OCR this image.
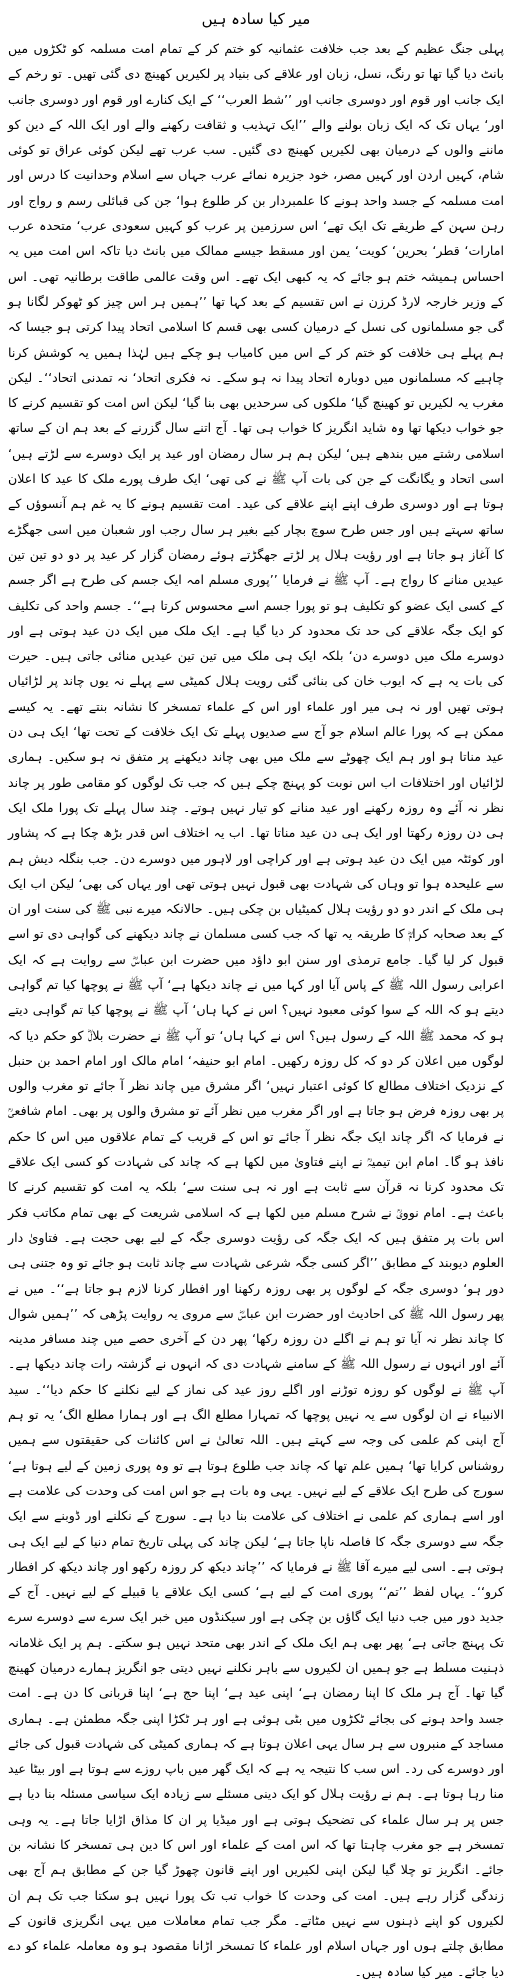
میر کیا سادہ ہیں

پہلی جنگ عظیم کے بعد جب خلافت عثمانیہ کو ختم کر کے تمام امت مسلمہ کو ٹکڑوں میں بانٹ دیا گیا تھا تو رنگ، نسل، زبان اور علاقے کی بنیاد پر لکیریں کھینچ دی گئی تھیں۔ تو رخم کے ایک جانب اور قوم اور دوسری جانب اور ’’شط العرب‘‘ کے ایک کنارے اور قوم اور دوسری جانب اور‘ یہاں تک کہ ایک زبان بولنے والے ’’ایک تہذیب و ثقافت رکھنے والے اور ایک اللہ کے دین کو ماننے والوں کے درمیان بھی لکیریں کھینچ دی گئیں۔ سب عرب تھے لیکن کوئی عراق تو کوئی شام، کہیں اردن اور کہیں مصر، خود جزیرہ نمائے عرب جہاں سے اسلام وحدانیت کا درس اور امت مسلمہ کے جسد واحد ہونے کا علمبردار بن کر طلوع ہوا‘ جن کی قبائلی رسم و رواج اور رہن سہن کے طریقے تک ایک تھے‘ اس سرزمین پر عرب کو کہیں سعودی عرب‘ متحدہ عرب امارات‘ قطر‘ بحرین‘ کویت‘ یمن اور مسقط جیسے ممالک میں بانٹ دیا تاکہ اس امت میں یہ احساس ہمیشہ ختم ہو جائے کہ یہ کبھی ایک تھے۔ اس وقت عالمی طاقت برطانیہ تھی۔ اس کے وزیر خارجہ لارڈ کرزن نے اس تقسیم کے بعد کہا تھا ’’ہمیں ہر اس چیز کو ٹھوکر لگانا ہو گی جو مسلمانوں کی نسل کے درمیان کسی بھی قسم کا اسلامی اتحاد پیدا کرتی ہو جیسا کہ ہم پہلے ہی خلافت کو ختم کر کے اس میں کامیاب ہو چکے ہیں لہٰذا ہمیں یہ کوشش کرنا چاہیے کہ مسلمانوں میں دوبارہ اتحاد پیدا نہ ہو سکے۔ نہ فکری اتحاد‘ نہ تمدنی اتحاد‘‘۔ لیکن مغرب یہ لکیریں تو کھینچ گیا‘ ملکوں کی سرحدیں بھی بنا گیا‘ لیکن اس امت کو تقسیم کرنے کا جو خواب دیکھا تھا وہ شاید انگریز کا خواب ہی تھا۔ آج اتنے سال گزرنے کے بعد ہم ان کے ساتھ اسلامی رشتے میں بندھے ہیں‘ لیکن ہم ہر سال رمضان اور عید پر ایک دوسرے سے لڑتے ہیں‘ اسی اتحاد و یگانگت کے جن کی بات آپ ﷺ نے کی تھی‘ ایک طرف پورے ملک کا عید کا اعلان ہوتا ہے اور دوسری طرف اپنے اپنے علاقے کی عید۔ امت تقسیم ہونے کا یہ غم ہم آنسوؤں کے ساتھ سہتے ہیں اور جس طرح سوچ بچار کیے بغیر ہر سال رجب اور شعبان میں اسی جھگڑے کا آغاز ہو جاتا ہے اور رؤیت ہلال پر لڑتے جھگڑتے ہوئے رمضان گزار کر عید پر دو دو تین تین عیدیں منانے کا رواج ہے۔ آپ ﷺ نے فرمایا ’’پوری مسلم امہ ایک جسم کی طرح ہے اگر جسم کے کسی ایک عضو کو تکلیف ہو تو پورا جسم اسے محسوس کرتا ہے‘‘۔ جسم واحد کی تکلیف کو ایک جگہ علاقے کی حد تک محدود کر دیا گیا ہے۔ ایک ملک میں ایک دن عید ہوتی ہے اور دوسرے ملک میں دوسرے دن‘ بلکہ ایک ہی ملک میں تین تین عیدیں منائی جاتی ہیں۔ حیرت کی بات یہ ہے کہ ایوب خان کی بنائی گئی رویت ہلال کمیٹی سے پہلے نہ یوں چاند پر لڑائیاں ہوتی تھیں اور نہ ہی میر اور علماء اور اس کے علماء تمسخر کا نشانہ بنتے تھے۔ یہ کیسے ممکن ہے کہ پورا عالم اسلام جو آج سے صدیوں پہلے تک ایک خلافت کے تحت تھا‘ ایک ہی دن عید مناتا ہو اور ہم ایک چھوٹے سے ملک میں بھی چاند دیکھنے پر متفق نہ ہو سکیں۔ ہماری لڑائیاں اور اختلافات اب اس نوبت کو پہنچ چکے ہیں کہ جب تک لوگوں کو مقامی طور پر چاند نظر نہ آئے وہ روزہ رکھنے اور عید منانے کو تیار نہیں ہوتے۔ چند سال پہلے تک پورا ملک ایک ہی دن روزہ رکھتا اور ایک ہی دن عید مناتا تھا۔ اب یہ اختلاف اس قدر بڑھ چکا ہے کہ پشاور اور کوئٹہ میں ایک دن عید ہوتی ہے اور کراچی اور لاہور میں دوسرے دن۔ جب بنگلہ دیش ہم سے علیحدہ ہوا تو وہاں کی شہادت بھی قبول نہیں ہوتی تھی اور یہاں کی بھی‘ لیکن اب ایک ہی ملک کے اندر دو دو رؤیت ہلال کمیٹیاں بن چکی ہیں۔ حالانکہ میرے نبی ﷺ کی سنت اور ان کے بعد صحابہ کرامؓ کا طریقہ یہ تھا کہ جب کسی مسلمان نے چاند دیکھنے کی گواہی دی تو اسے قبول کر لیا گیا۔ جامع ترمذی اور سنن ابو داؤد میں حضرت ابن عباسؓ سے روایت ہے کہ ایک اعرابی رسول اللہ ﷺ کے پاس آیا اور کہا میں نے چاند دیکھا ہے‘ آپ ﷺ نے پوچھا کیا تم گواہی دیتے ہو کہ اللہ کے سوا کوئی معبود نہیں؟ اس نے کہا ہاں‘ آپ ﷺ نے پوچھا کیا تم گواہی دیتے ہو کہ محمد ﷺ اللہ کے رسول ہیں؟ اس نے کہا ہاں‘ تو آپ ﷺ نے حضرت بلالؓ کو حکم دیا کہ لوگوں میں اعلان کر دو کہ کل روزہ رکھیں۔ امام ابو حنیفہ‘ امام مالک اور امام احمد بن حنبل کے نزدیک اختلاف مطالع کا کوئی اعتبار نہیں‘ اگر مشرق میں چاند نظر آ جائے تو مغرب والوں پر بھی روزہ فرض ہو جاتا ہے اور اگر مغرب میں نظر آئے تو مشرق والوں پر بھی۔ امام شافعیؒ نے فرمایا کہ اگر چاند ایک جگہ نظر آ جائے تو اس کے قریب کے تمام علاقوں میں اس کا حکم نافذ ہو گا۔ امام ابن تیمیہؒ نے اپنے فتاویٰ میں لکھا ہے کہ چاند کی شہادت کو کسی ایک علاقے تک محدود کرنا نہ قرآن سے ثابت ہے اور نہ ہی سنت سے‘ بلکہ یہ امت کو تقسیم کرنے کا باعث ہے۔ امام نوویؒ نے شرح مسلم میں لکھا ہے کہ اسلامی شریعت کے بھی تمام مکاتب فکر اس بات پر متفق ہیں کہ ایک جگہ کی رؤیت دوسری جگہ کے لیے بھی حجت ہے۔ فتاویٰ دار العلوم دیوبند کے مطابق ’’اگر کسی جگہ شرعی شہادت سے چاند ثابت ہو جائے تو وہ جتنی ہی دور ہو‘ دوسری جگہ کے لوگوں پر بھی روزہ رکھنا اور افطار کرنا لازم ہو جاتا ہے‘‘۔ میں نے پھر رسول اللہ ﷺ کی احادیث اور حضرت ابن عباسؓ سے مروی یہ روایت پڑھی کہ ’’ہمیں شوال کا چاند نظر نہ آیا تو ہم نے اگلے دن روزہ رکھا‘ پھر دن کے آخری حصے میں چند مسافر مدینہ آئے اور انہوں نے رسول اللہ ﷺ کے سامنے شہادت دی کہ انہوں نے گزشتہ رات چاند دیکھا ہے۔ آپ ﷺ نے لوگوں کو روزہ توڑنے اور اگلے روز عید کی نماز کے لیے نکلنے کا حکم دیا‘‘۔ سید الانبیاء نے ان لوگوں سے یہ نہیں پوچھا کہ تمہارا مطلع الگ ہے اور ہمارا مطلع الگ‘ یہ تو ہم آج اپنی کم علمی کی وجہ سے کہتے ہیں۔ اللہ تعالیٰ نے اس کائنات کی حقیقتوں سے ہمیں روشناس کرایا تھا‘ ہمیں علم تھا کہ چاند جب طلوع ہوتا ہے تو وہ پوری زمین کے لیے ہوتا ہے‘ سورج کی طرح ایک علاقے کے لیے نہیں۔ یہی وہ بات ہے جو اس امت کی وحدت کی علامت ہے اور اسے ہماری کم علمی نے اختلاف کی علامت بنا دیا ہے۔ سورج کے نکلنے اور ڈوبنے سے ایک جگہ سے دوسری جگہ کا فاصلہ ناپا جاتا ہے‘ لیکن چاند کی پہلی تاریخ تمام دنیا کے لیے ایک ہی ہوتی ہے۔ اسی لیے میرے آقا ﷺ نے فرمایا کہ ’’چاند دیکھ کر روزہ رکھو اور چاند دیکھ کر افطار کرو‘‘۔ یہاں لفظ ’’تم‘‘ پوری امت کے لیے ہے‘ کسی ایک علاقے یا قبیلے کے لیے نہیں۔ آج کے جدید دور میں جب دنیا ایک گاؤں بن چکی ہے اور سیکنڈوں میں خبر ایک سرے سے دوسرے سرے تک پہنچ جاتی ہے‘ پھر بھی ہم ایک ملک کے اندر بھی متحد نہیں ہو سکتے۔ ہم پر ایک غلامانہ ذہنیت مسلط ہے جو ہمیں ان لکیروں سے باہر نکلنے نہیں دیتی جو انگریز ہمارے درمیان کھینچ گیا تھا۔ آج ہر ملک کا اپنا رمضان ہے‘ اپنی عید ہے‘ اپنا حج ہے‘ اپنا قربانی کا دن ہے۔ امت جسد واحد ہونے کی بجائے ٹکڑوں میں بٹی ہوئی ہے اور ہر ٹکڑا اپنی جگہ مطمئن ہے۔ ہماری مساجد کے منبروں سے ہر سال یہی اعلان ہوتا ہے کہ ہماری کمیٹی کی شہادت قبول کی جائے اور دوسرے کی رد۔ اس سب کا نتیجہ یہ ہے کہ ایک گھر میں باپ روزے سے ہوتا ہے اور بیٹا عید منا رہا ہوتا ہے۔ ہم نے رؤیت ہلال کو ایک دینی مسئلے سے زیادہ ایک سیاسی مسئلہ بنا دیا ہے جس پر ہر سال علماء کی تضحیک ہوتی ہے اور میڈیا پر ان کا مذاق اڑایا جاتا ہے۔ یہ وہی تمسخر ہے جو مغرب چاہتا تھا کہ اس امت کے علماء اور اس کا دین ہی تمسخر کا نشانہ بن جائے۔ انگریز تو چلا گیا لیکن اپنی لکیریں اور اپنے قانون چھوڑ گیا جن کے مطابق ہم آج بھی زندگی گزار رہے ہیں۔ امت کی وحدت کا خواب تب تک پورا نہیں ہو سکتا جب تک ہم ان لکیروں کو اپنے ذہنوں سے نہیں مٹاتے۔ مگر جب تمام معاملات میں یہی انگریزی قانون کے مطابق چلتے ہوں اور جہاں اسلام اور علماء کا تمسخر اڑانا مقصود ہو وہ معاملہ علماء کو دے دیا جائے۔ میر کیا سادہ ہیں۔
